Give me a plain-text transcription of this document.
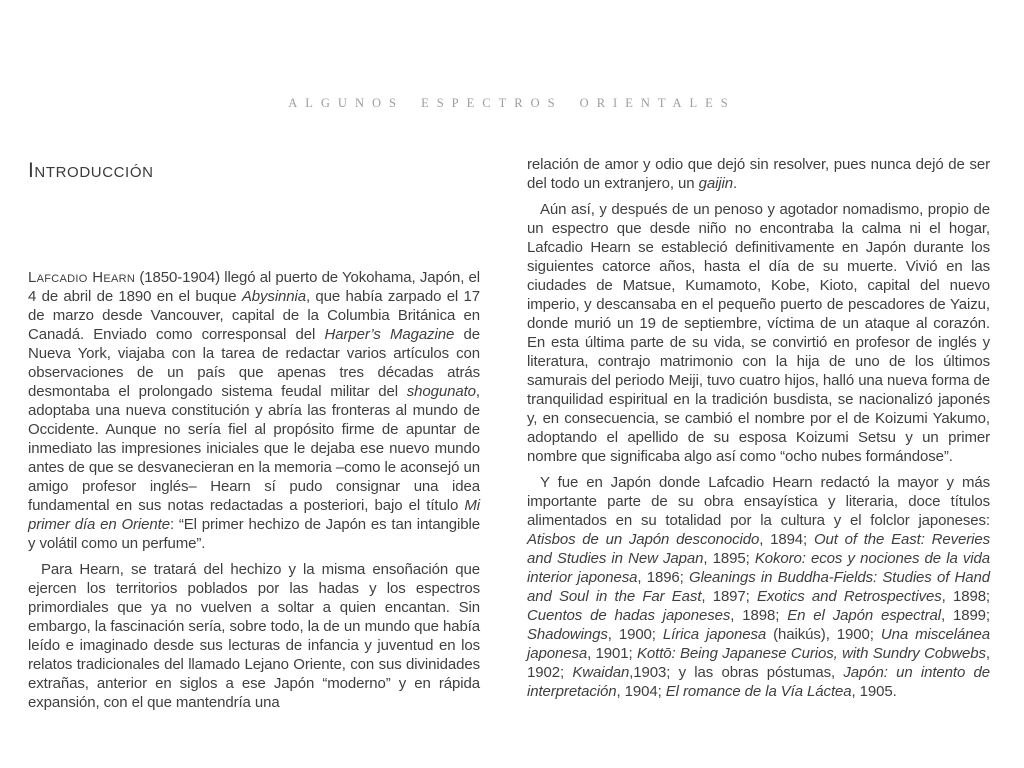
ALGUNOS ESPECTROS ORIENTALES
Introducción

Lafcadio Hearn (1850-1904) llegó al puerto de Yokohama, Japón, el 4 de abril de 1890 en el buque Abysinnia, que había zarpado el 17 de marzo desde Vancouver, capital de la Columbia Británica en Canadá. Enviado como corresponsal del Harper’s Magazine de Nueva York, viajaba con la tarea de redactar varios artículos con observaciones de un país que apenas tres décadas atrás desmontaba el prolongado sistema feudal militar del shogunato, adoptaba una nueva constitución y abría las fronteras al mundo de Occidente. Aunque no sería fiel al propósito firme de apuntar de inmediato las impresiones iniciales que le dejaba ese nuevo mundo antes de que se desvanecieran en la memoria –como le aconsejó un amigo profesor inglés– Hearn sí pudo consignar una idea fundamental en sus notas redactadas a posteriori, bajo el título Mi primer día en Oriente: “El primer hechizo de Japón es tan intangible y volátil como un perfume”.

Para Hearn, se tratará del hechizo y la misma ensoñación que ejercen los territorios poblados por las hadas y los espectros primordiales que ya no vuelven a soltar a quien encantan. Sin embargo, la fascinación sería, sobre todo, la de un mundo que había leído e imaginado desde sus lecturas de infancia y juventud en los relatos tradicionales del llamado Lejano Oriente, con sus divinidades extrañas, anterior en siglos a ese Japón “moderno” y en rápida expansión, con el que mantendría una

relación de amor y odio que dejó sin resolver, pues nunca dejó de ser del todo un extranjero, un gaijin.

Aún así, y después de un penoso y agotador nomadismo, propio de un espectro que desde niño no encontraba la calma ni el hogar, Lafcadio Hearn se estableció definitivamente en Japón durante los siguientes catorce años, hasta el día de su muerte. Vivió en las ciudades de Matsue, Kumamoto, Kobe, Kioto, capital del nuevo imperio, y descansaba en el pequeño puerto de pescadores de Yaizu, donde murió un 19 de septiembre, víctima de un ataque al corazón. En esta última parte de su vida, se convirtió en profesor de inglés y literatura, contrajo matrimonio con la hija de uno de los últimos samurais del periodo Meiji, tuvo cuatro hijos, halló una nueva forma de tranquilidad espiritual en la tradición busdista, se nacionalizó japonés y, en consecuencia, se cambió el nombre por el de Koizumi Yakumo, adoptando el apellido de su esposa Koizumi Setsu y un primer nombre que significaba algo así como “ocho nubes formándose”.

Y fue en Japón donde Lafcadio Hearn redactó la mayor y más importante parte de su obra ensayística y literaria, doce títulos alimentados en su totalidad por la cultura y el folclor japoneses: Atisbos de un Japón desconocido, 1894; Out of the East: Reveries and Studies in New Japan, 1895; Kokoro: ecos y nociones de la vida interior japonesa, 1896; Gleanings in Buddha-Fields: Studies of Hand and Soul in the Far East, 1897; Exotics and Retrospectives, 1898; Cuentos de hadas japoneses, 1898; En el Japón espectral, 1899; Shadowings, 1900; Lírica japonesa (haikús), 1900; Una miscelánea japonesa, 1901; Kottō: Being Japanese Curios, with Sundry Cobwebs, 1902; Kwaidan,1903; y las obras póstumas, Japón: un intento de interpretación, 1904; El romance de la Vía Láctea, 1905.
